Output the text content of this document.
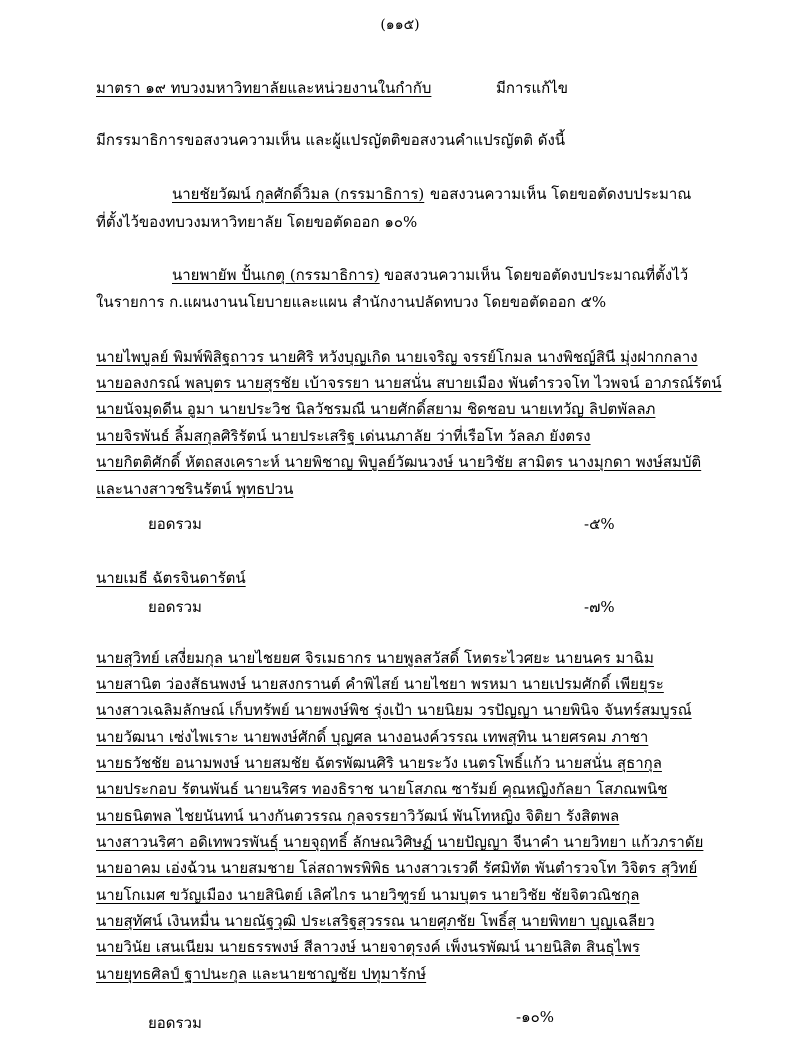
(๑๑๕)
มาตรา ๑๙ ทบวงมหาวิทยาลัยและหน่วยงานในกำกับ	มีการแก้ไข
มีกรรมาธิการขอสงวนความเห็น และผู้แปรญัตติขอสงวนคำแปรญัตติ ดังนี้
นายชัยวัฒน์ กุลศักดิ์วิมล (กรรมาธิการ) ขอสงวนความเห็น โดยขอตัดงบประมาณ
ที่ตั้งไว้ของทบวงมหาวิทยาลัย โดยขอตัดออก ๑๐%
นายพายัพ ปั้นเกตุ (กรรมาธิการ) ขอสงวนความเห็น โดยขอตัดงบประมาณที่ตั้งไว้
ในรายการ ก.แผนงานนโยบายและแผน สำนักงานปลัดทบวง โดยขอตัดออก ๕%
นายไพบูลย์ พิมพ์พิสิฐถาวร นายศิริ หวังบุญเกิด นายเจริญ จรรย์โกมล นางพิชญ์สินี มุ่งฝากกลาง
นายอลงกรณ์ พลบุตร นายสุรชัย เบ้าจรรยา นายสนั่น สบายเมือง พันตำรวจโท ไวพจน์ อาภรณ์รัตน์
นายนัจมุดดีน อูมา นายประวิช นิลวัชรมณี นายศักดิ์สยาม ชิดชอบ นายเทวัญ ลิปตพัลลภ
นายจิรพันธ์ ลิ้มสกุลศิริรัตน์ นายประเสริฐ เด่นนภาลัย ว่าที่เรือโท วัลลภ ยังตรง
นายกิตติศักดิ์ หัตถสงเคราะห์ นายพิชาญ พิบูลย์วัฒนวงษ์ นายวิชัย สามิตร นางมุกดา พงษ์สมบัติ
และนางสาวชรินรัตน์ พุทธปวน
ยอดรวม	-๕%
นายเมธี ฉัตรจินดารัตน์
ยอดรวม	-๗%
นายสุวิทย์ เสงี่ยมกุล นายไชยยศ จิรเมธากร นายพูลสวัสดิ์ โหตระไวศยะ นายนคร มาฉิม
นายสานิต ว่องสัธนพงษ์ นายสงกรานต์ คำพิไสย์ นายไชยา พรหมา นายเปรมศักดิ์ เพียยุระ
นางสาวเฉลิมลักษณ์ เก็บทรัพย์ นายพงษ์พิช รุ่งเป้า นายนิยม วรปัญญา นายพินิจ จันทร์สมบูรณ์
นายวัฒนา เซ่งไพเราะ นายพงษ์ศักดิ์ บุญศล นางอนงค์วรรณ เทพสุทิน นายศรคม ภาชา
นายธวัชชัย อนามพงษ์ นายสมชัย ฉัตรพัฒนศิริ นายระวัง เนตรโพธิ์แก้ว นายสนั่น สุธากุล
นายประกอบ รัตนพันธ์ นายนริศร ทองธิราช นายโสภณ ซารัมย์ คุณหญิงกัลยา โสภณพนิช
นายธนิตพล ไชยนันทน์ นางกันตวรรณ กุลจรรยาวิวัฒน์ พันโทหญิง จิติยา รังสิตพล
นางสาวนริศา อดิเทพวรพันธุ์ นายจุฤทธิ์ ลักษณวิศิษฏ์ นายปัญญา จีนาคำ นายวิทยา แก้วภราดัย
นายอาคม เอ่งฉ้วน นายสมชาย โล่สถาพรพิพิธ นางสาวเรวดี รัศมิทัต พันตำรวจโท วิจิตร สุวิทย์
นายโกเมศ ขวัญเมือง นายสินิตย์ เลิศไกร นายวิฑูรย์ นามบุตร นายวิชัย ชัยจิตวณิชกุล
นายสุทัศน์ เงินหมื่น นายณัฐวุฒิ ประเสริฐสุวรรณ นายศุภชัย โพธิ์สุ นายพิทยา บุญเฉลียว
นายวินัย เสนเนียม นายธรรพงษ์ สีลาวงษ์ นายจาตุรงค์ เพ็งนรพัฒน์ นายนิสิต สินธุไพร
นายยุทธศิลป์ ฐาปนะกุล และนายชาญชัย ปทุมารักษ์
ยอดรวม	-๑๐%
